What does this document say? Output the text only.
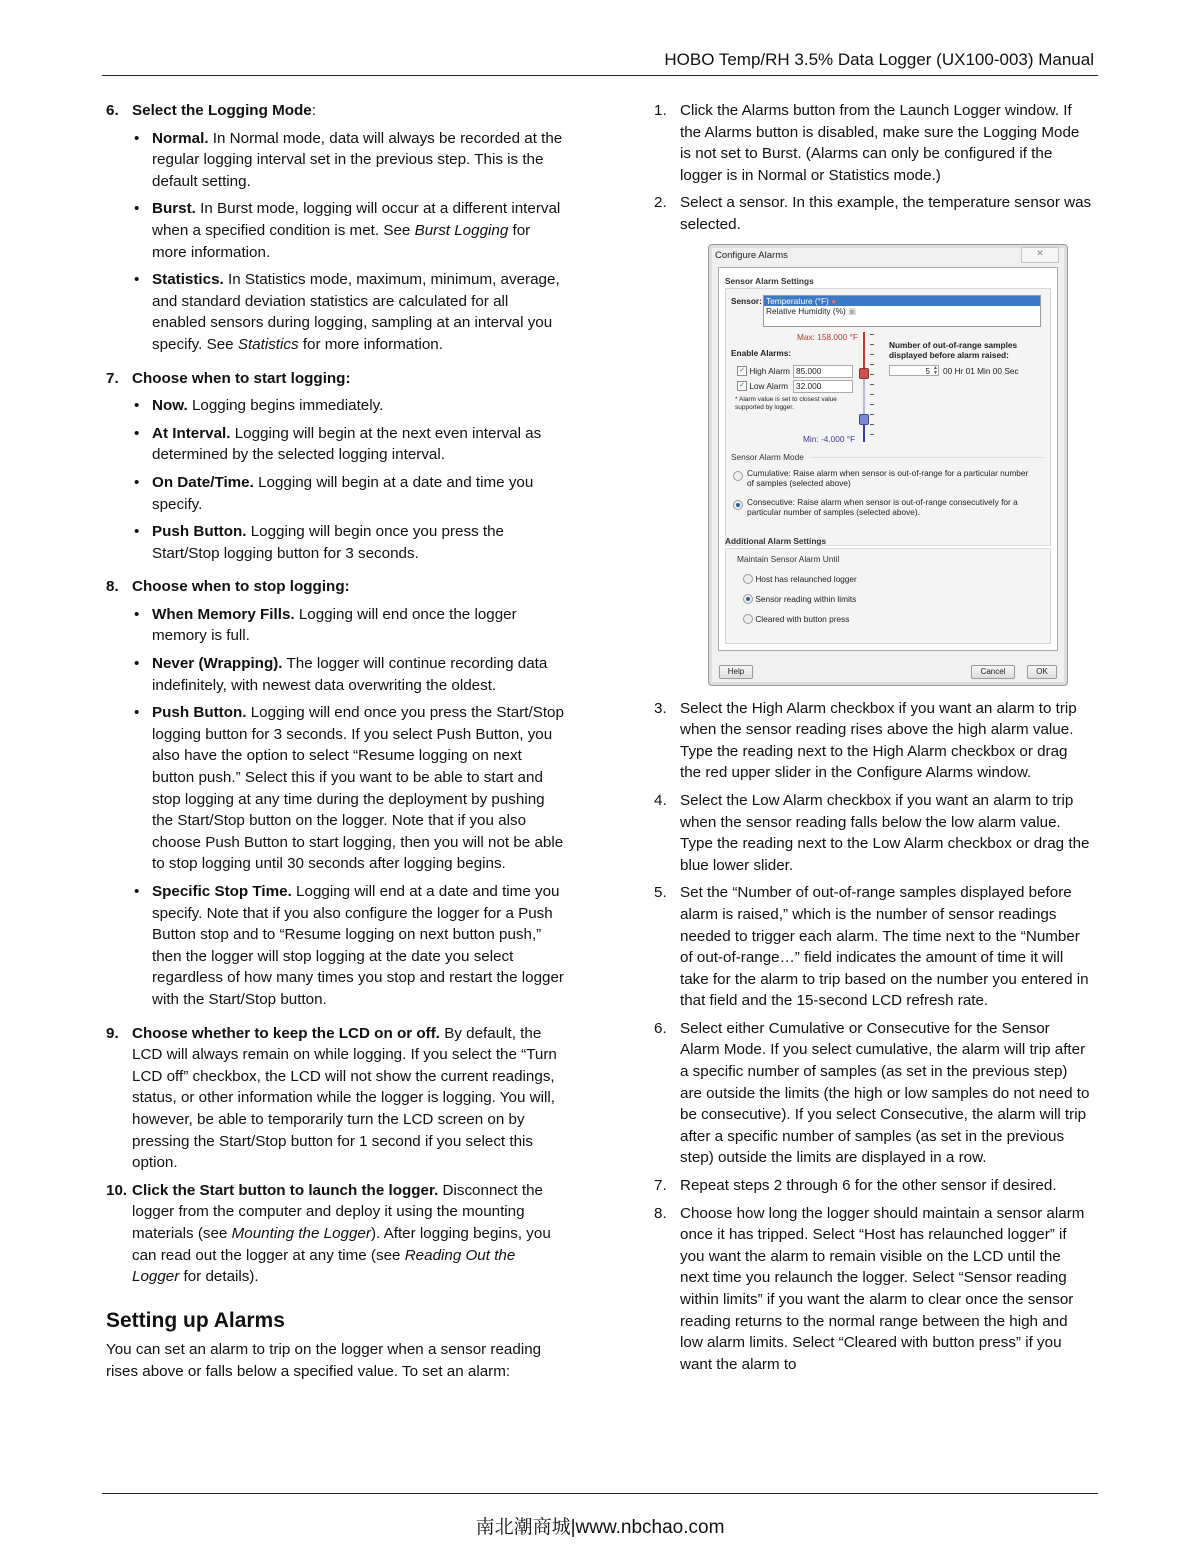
HOBO Temp/RH 3.5% Data Logger (UX100-003) Manual
6. Select the Logging Mode:
• Normal. In Normal mode, data will always be recorded at the regular logging interval set in the previous step. This is the default setting.
• Burst. In Burst mode, logging will occur at a different interval when a specified condition is met. See Burst Logging for more information.
• Statistics. In Statistics mode, maximum, minimum, average, and standard deviation statistics are calculated for all enabled sensors during logging, sampling at an interval you specify. See Statistics for more information.
7. Choose when to start logging:
• Now. Logging begins immediately.
• At Interval. Logging will begin at the next even interval as determined by the selected logging interval.
• On Date/Time. Logging will begin at a date and time you specify.
• Push Button. Logging will begin once you press the Start/Stop logging button for 3 seconds.
8. Choose when to stop logging:
• When Memory Fills. Logging will end once the logger memory is full.
• Never (Wrapping). The logger will continue recording data indefinitely, with newest data overwriting the oldest.
• Push Button. Logging will end once you press the Start/Stop logging button for 3 seconds. If you select Push Button, you also have the option to select “Resume logging on next button push.” Select this if you want to be able to start and stop logging at any time during the deployment by pushing the Start/Stop button on the logger. Note that if you also choose Push Button to start logging, then you will not be able to stop logging until 30 seconds after logging begins.
• Specific Stop Time. Logging will end at a date and time you specify. Note that if you also configure the logger for a Push Button stop and to “Resume logging on next button push,” then the logger will stop logging at the date you select regardless of how many times you stop and restart the logger with the Start/Stop button.
9. Choose whether to keep the LCD on or off. By default, the LCD will always remain on while logging. If you select the “Turn LCD off” checkbox, the LCD will not show the current readings, status, or other information while the logger is logging. You will, however, be able to temporarily turn the LCD screen on by pressing the Start/Stop button for 1 second if you select this option.
10. Click the Start button to launch the logger. Disconnect the logger from the computer and deploy it using the mounting materials (see Mounting the Logger). After logging begins, you can read out the logger at any time (see Reading Out the Logger for details).
Setting up Alarms

You can set an alarm to trip on the logger when a sensor reading rises above or falls below a specified value. To set an alarm:

1. Click the Alarms button from the Launch Logger window. If the Alarms button is disabled, make sure the Logging Mode is not set to Burst. (Alarms can only be configured if the logger is in Normal or Statistics mode.)
2. Select a sensor. In this example, the temperature sensor was selected.
Configure Alarms	✕
Sensor Alarm Settings
Sensor: Temperature (°F) ●
Relative Humidity (%) ▣
Max: 158.000 °F
Enable Alarms:
✓ High Alarm 85.000
✓ Low Alarm 32.000
* Alarm value is set to closest value supported by logger.
Min: -4.000 °F
Number of out-of-range samples displayed before alarm raised:
5 ▲
▼ 00 Hr 01 Min 00 Sec
Sensor Alarm Mode
Cumulative: Raise alarm when sensor is out-of-range for a particular number of samples (selected above)
Consecutive: Raise alarm when sensor is out-of-range consecutively for a particular number of samples (selected above).
Additional Alarm Settings
Maintain Sensor Alarm Until
Host has relaunched logger
Sensor reading within limits
Cleared with button press
Help	Cancel	OK
3. Select the High Alarm checkbox if you want an alarm to trip when the sensor reading rises above the high alarm value. Type the reading next to the High Alarm checkbox or drag the red upper slider in the Configure Alarms window.
4. Select the Low Alarm checkbox if you want an alarm to trip when the sensor reading falls below the low alarm value. Type the reading next to the Low Alarm checkbox or drag the blue lower slider.
5. Set the “Number of out-of-range samples displayed before alarm is raised,” which is the number of sensor readings needed to trigger each alarm. The time next to the “Number of out-of-range…” field indicates the amount of time it will take for the alarm to trip based on the number you entered in that field and the 15-second LCD refresh rate.
6. Select either Cumulative or Consecutive for the Sensor Alarm Mode. If you select cumulative, the alarm will trip after a specific number of samples (as set in the previous step) are outside the limits (the high or low samples do not need to be consecutive). If you select Consecutive, the alarm will trip after a specific number of samples (as set in the previous step) outside the limits are displayed in a row.
7. Repeat steps 2 through 6 for the other sensor if desired.
8. Choose how long the logger should maintain a sensor alarm once it has tripped. Select “Host has relaunched logger” if you want the alarm to remain visible on the LCD until the next time you relaunch the logger. Select “Sensor reading within limits” if you want the alarm to clear once the sensor reading returns to the normal range between the high and low alarm limits. Select “Cleared with button press” if you want the alarm to
南北潮商城|www.nbchao.com
